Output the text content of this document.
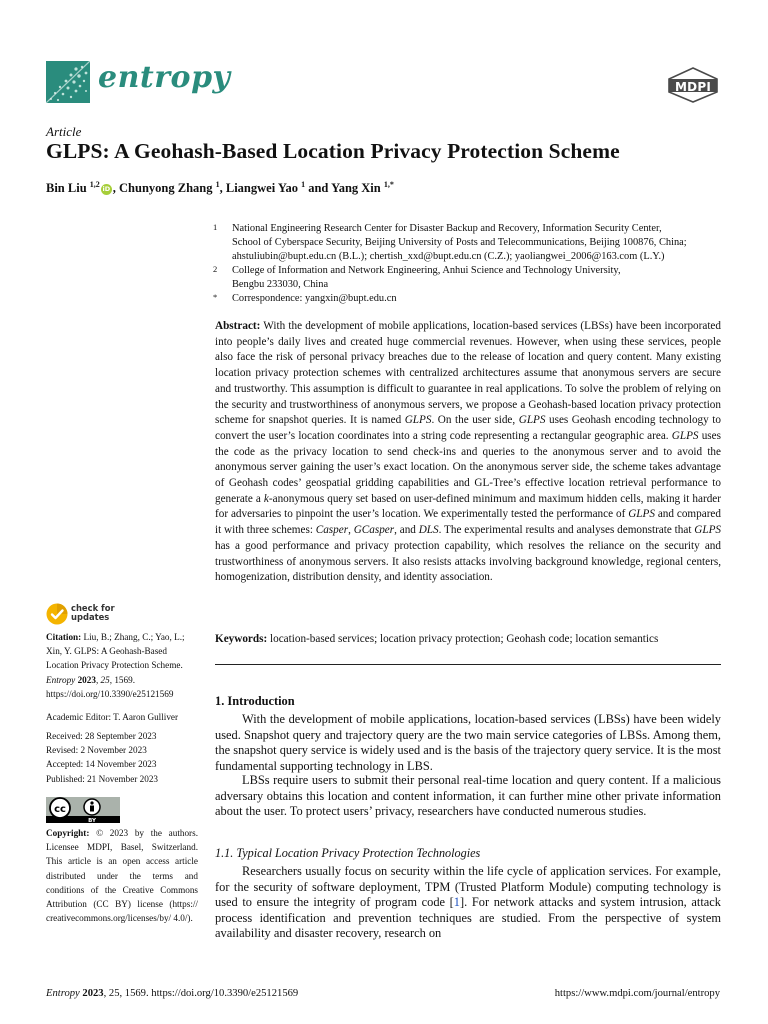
entropy	MDPI
Article
GLPS: A Geohash-Based Location Privacy Protection Scheme
Bin Liu $^{1,2}$ iD , Chunyong Zhang $^1$, Liangwei Yao $^1$ and Yang Xin $^{1,*}$
1 National Engineering Research Center for Disaster Backup and Recovery, Information Security Center,
School of Cyberspace Security, Beijing University of Posts and Telecommunications, Beijing 100876, China;
ahstuliubin@bupt.edu.cn (B.L.); chertish_xxd@bupt.edu.cn (C.Z.); yaoliangwei_2006@163.com (L.Y.)
2 College of Information and Network Engineering, Anhui Science and Technology University,
Bengbu 233030, China
* Correspondence: yangxin@bupt.edu.cn
Abstract: With the development of mobile applications, location-based services (LBSs) have been incorporated into people’s daily lives and created huge commercial revenues. However, when using these services, people also face the risk of personal privacy breaches due to the release of location and query content. Many existing location privacy protection schemes with centralized architectures assume that anonymous servers are secure and trustworthy. This assumption is difficult to guarantee in real applications. To solve the problem of relying on the security and trustworthiness of anonymous servers, we propose a Geohash-based location privacy protection scheme for snapshot queries. It is named GLPS. On the user side, GLPS uses Geohash encoding technology to convert the user’s location coordinates into a string code representing a rectangular geographic area. GLPS uses the code as the privacy location to send check-ins and queries to the anonymous server and to avoid the anonymous server gaining the user’s exact location. On the anonymous server side, the scheme takes advantage of Geohash codes’ geospatial gridding capabilities and GL-Tree’s effective location retrieval performance to generate a k-anonymous query set based on user-defined minimum and maximum hidden cells, making it harder for adversaries to pinpoint the user’s location. We experimentally tested the performance of GLPS and compared it with three schemes: Casper, GCasper, and DLS. The experimental results and analyses demonstrate that GLPS has a good performance and privacy protection capability, which resolves the reliance on the security and trustworthiness of anonymous servers. It also resists attacks involving background knowledge, regional centers, homogenization, distribution density, and identity association.
Keywords: location-based services; location privacy protection; Geohash code; location semantics
1. Introduction
With the development of mobile applications, location-based services (LBSs) have been widely used. Snapshot query and trajectory query are the two main service categories of LBSs. Among them, the snapshot query service is widely used and is the basis of the trajectory query service. It is the most fundamental supporting technology in LBS.
LBSs require users to submit their personal real-time location and query content. If a malicious adversary obtains this location and content information, it can further mine other private information about the user. To protect users’ privacy, researchers have conducted numerous studies.
1.1. Typical Location Privacy Protection Technologies
Researchers usually focus on security within the life cycle of application services. For example, for the security of software deployment, TPM (Trusted Platform Module) computing technology is used to ensure the integrity of program code [1]. For network attacks and system intrusion, attack process identification and prevention techniques are studied. From the perspective of system availability and disaster recovery, research on
check for
updates
Citation: Liu, B.; Zhang, C.; Yao, L.; Xin, Y. GLPS: A Geohash-Based Location Privacy Protection Scheme. Entropy 2023, 25, 1569.
https://doi.org/10.3390/e25121569
Academic Editor: T. Aaron Gulliver
Received: 28 September 2023
Revised: 2 November 2023
Accepted: 14 November 2023
Published: 21 November 2023
cc
BY
Copyright: © 2023 by the authors. Licensee MDPI, Basel, Switzerland. This article is an open access article distributed under the terms and conditions of the Creative Commons Attribution (CC BY) license (https:// creativecommons.org/licenses/by/ 4.0/).
Entropy 2023, 25, 1569. https://doi.org/10.3390/e25121569	https://www.mdpi.com/journal/entropy
